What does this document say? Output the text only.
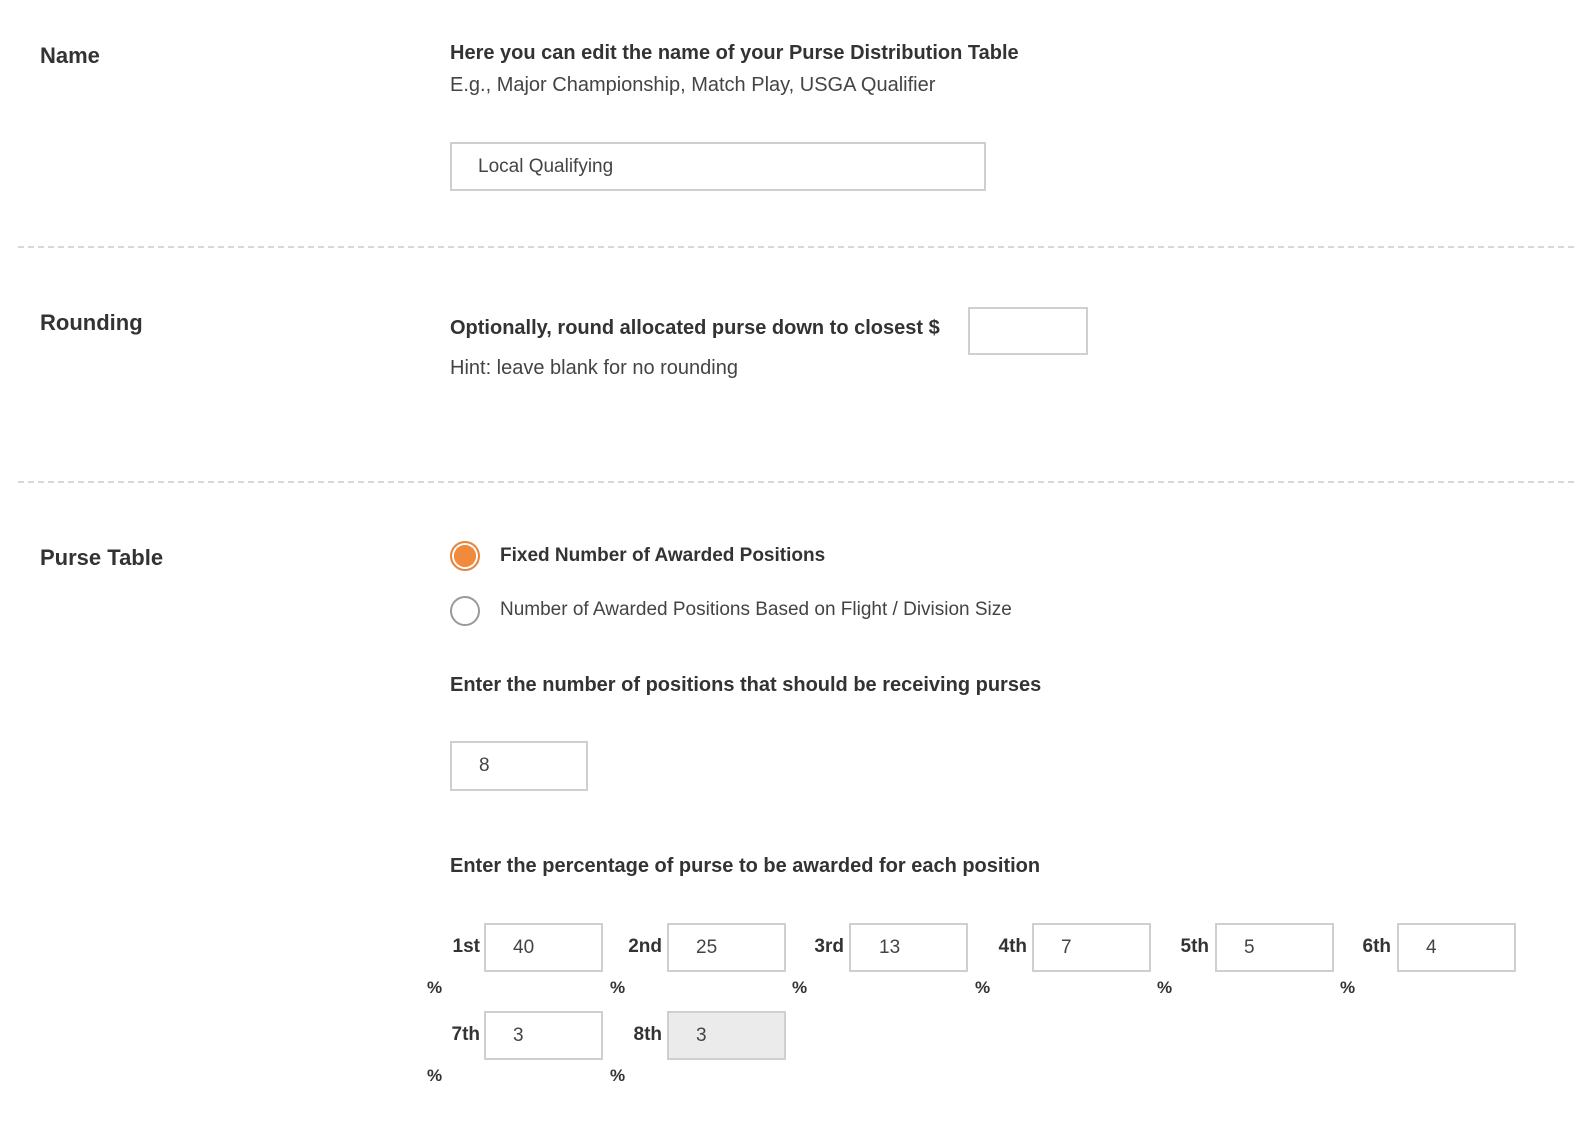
Name	Here you can edit the name of your Purse Distribution Table
E.g., Major Championship, Match Play, USGA Qualifier
Local Qualifying
Rounding	Optionally, round allocated purse down to closest $
Hint: leave blank for no rounding
Purse Table	Fixed Number of Awarded Positions
Number of Awarded Positions Based on Flight / Division Size
Enter the number of positions that should be receiving purses
8
Enter the percentage of purse to be awarded for each position
1st
40
%
2nd
25
%
3rd
13
%
4th
7
%
5th
5
%
6th
4
%
7th
3
%
8th
3
%
